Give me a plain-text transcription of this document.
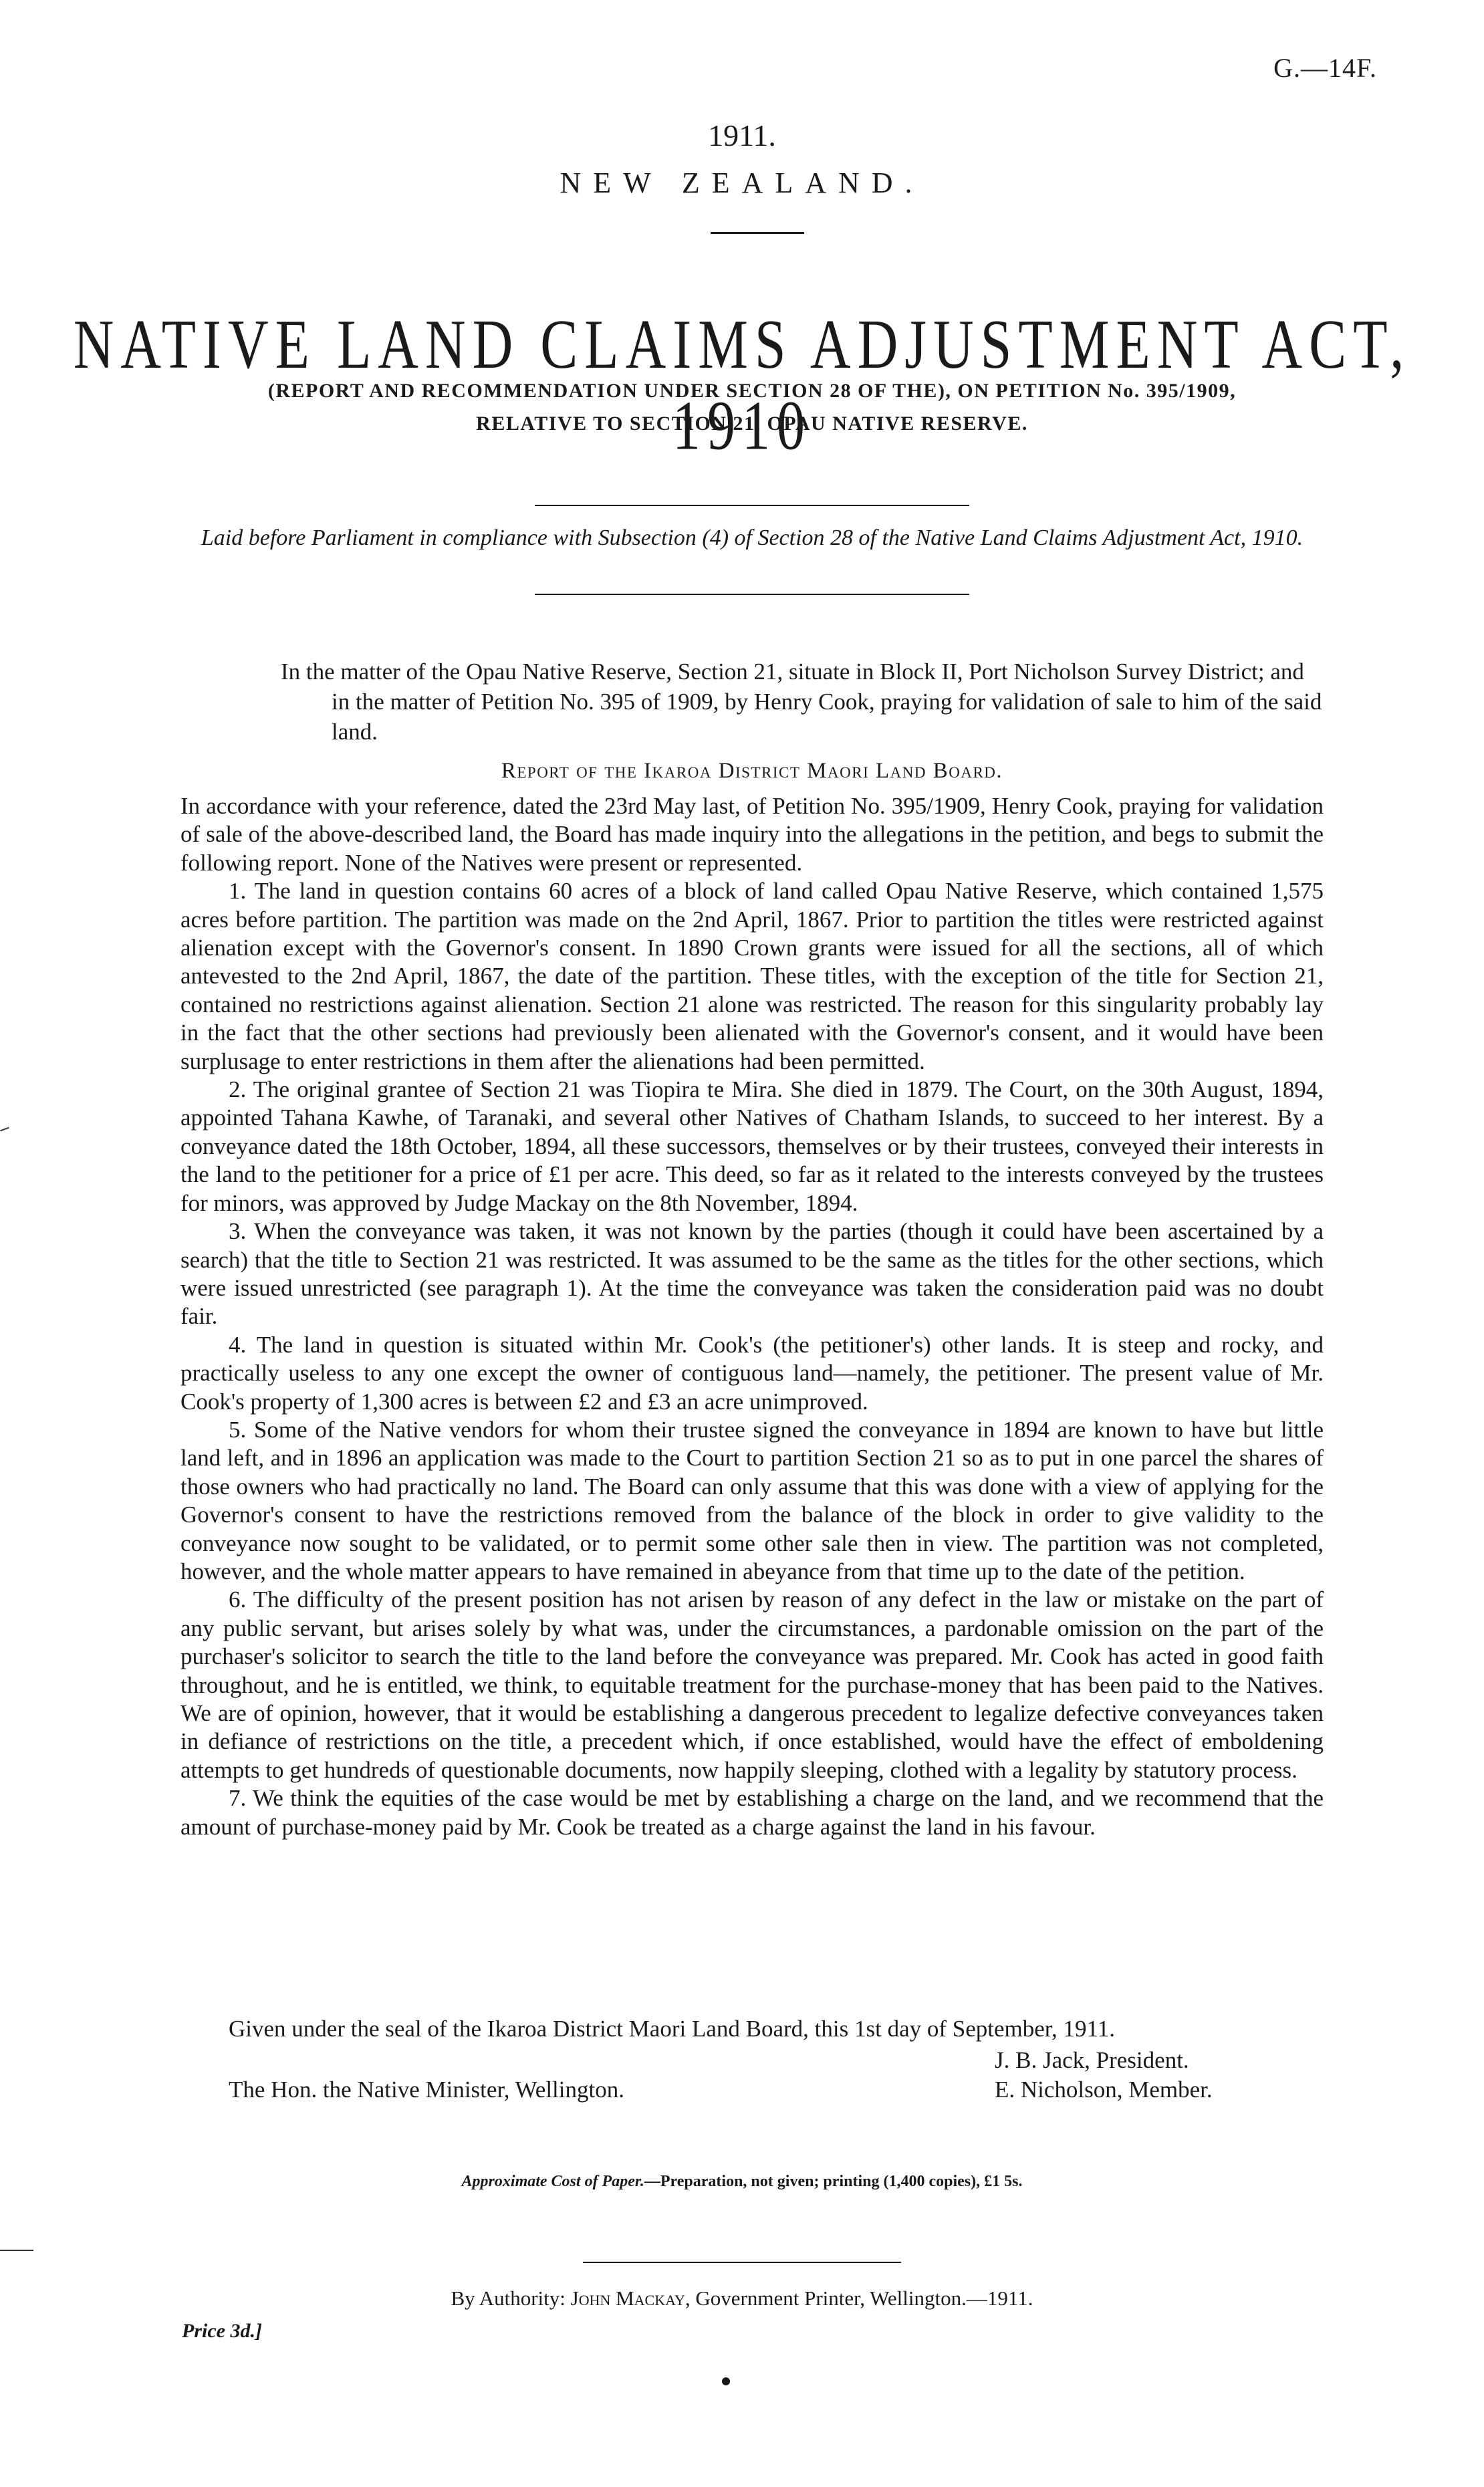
G.—14F.
1911.
NEW ZEALAND.
NATIVE LAND CLAIMS ADJUSTMENT ACT, 1910
(REPORT AND RECOMMENDATION UNDER SECTION 28 OF THE), ON PETITION No. 395/1909,
RELATIVE TO SECTION 21, OPAU NATIVE RESERVE.
Laid before Parliament in compliance with Subsection (4) of Section 28 of the Native Land Claims Adjustment Act, 1910.

In the matter of the Opau Native Reserve, Section 21, situate in Block II, Port Nicholson Survey District; and in the matter of Petition No. 395 of 1909, by Henry Cook, praying for validation of sale to him of the said land.

Report of the Ikaroa District Maori Land Board.

In accordance with your reference, dated the 23rd May last, of Petition No. 395/1909, Henry Cook, praying for validation of sale of the above-described land, the Board has made inquiry into the allegations in the petition, and begs to submit the following report. None of the Natives were present or represented.

1. The land in question contains 60 acres of a block of land called Opau Native Reserve, which contained 1,575 acres before partition. The partition was made on the 2nd April, 1867. Prior to partition the titles were restricted against alienation except with the Governor's consent. In 1890 Crown grants were issued for all the sections, all of which antevested to the 2nd April, 1867, the date of the partition. These titles, with the exception of the title for Section 21, contained no restrictions against alienation. Section 21 alone was restricted. The reason for this singularity probably lay in the fact that the other sections had previously been alienated with the Governor's consent, and it would have been surplusage to enter restrictions in them after the alienations had been permitted.

2. The original grantee of Section 21 was Tiopira te Mira. She died in 1879. The Court, on the 30th August, 1894, appointed Tahana Kawhe, of Taranaki, and several other Natives of Chatham Islands, to succeed to her interest. By a conveyance dated the 18th October, 1894, all these successors, themselves or by their trustees, conveyed their interests in the land to the petitioner for a price of £1 per acre. This deed, so far as it related to the interests conveyed by the trustees for minors, was approved by Judge Mackay on the 8th November, 1894.

3. When the conveyance was taken, it was not known by the parties (though it could have been ascertained by a search) that the title to Section 21 was restricted. It was assumed to be the same as the titles for the other sections, which were issued unrestricted (see paragraph 1). At the time the conveyance was taken the consideration paid was no doubt fair.

4. The land in question is situated within Mr. Cook's (the petitioner's) other lands. It is steep and rocky, and practically useless to any one except the owner of contiguous land—namely, the petitioner. The present value of Mr. Cook's property of 1,300 acres is between £2 and £3 an acre unimproved.

5. Some of the Native vendors for whom their trustee signed the conveyance in 1894 are known to have but little land left, and in 1896 an application was made to the Court to partition Section 21 so as to put in one parcel the shares of those owners who had practically no land. The Board can only assume that this was done with a view of applying for the Governor's consent to have the restrictions removed from the balance of the block in order to give validity to the conveyance now sought to be validated, or to permit some other sale then in view. The partition was not completed, however, and the whole matter appears to have remained in abeyance from that time up to the date of the petition.

6. The difficulty of the present position has not arisen by reason of any defect in the law or mistake on the part of any public servant, but arises solely by what was, under the circumstances, a pardonable omission on the part of the purchaser's solicitor to search the title to the land before the conveyance was prepared. Mr. Cook has acted in good faith throughout, and he is entitled, we think, to equitable treatment for the purchase-money that has been paid to the Natives. We are of opinion, however, that it would be establishing a dangerous precedent to legalize defective conveyances taken in defiance of restrictions on the title, a precedent which, if once established, would have the effect of emboldening attempts to get hundreds of questionable documents, now happily sleeping, clothed with a legality by statutory process.

7. We think the equities of the case would be met by establishing a charge on the land, and we recommend that the amount of purchase-money paid by Mr. Cook be treated as a charge against the land in his favour.

Given under the seal of the Ikaroa District Maori Land Board, this 1st day of September, 1911.
J. B. Jack, President.
The Hon. the Native Minister, Wellington.	E. Nicholson, Member.
Approximate Cost of Paper.—Preparation, not given; printing (1,400 copies), £1 5s.
By Authority: John Mackay, Government Printer, Wellington.—1911.
Price 3d.]
